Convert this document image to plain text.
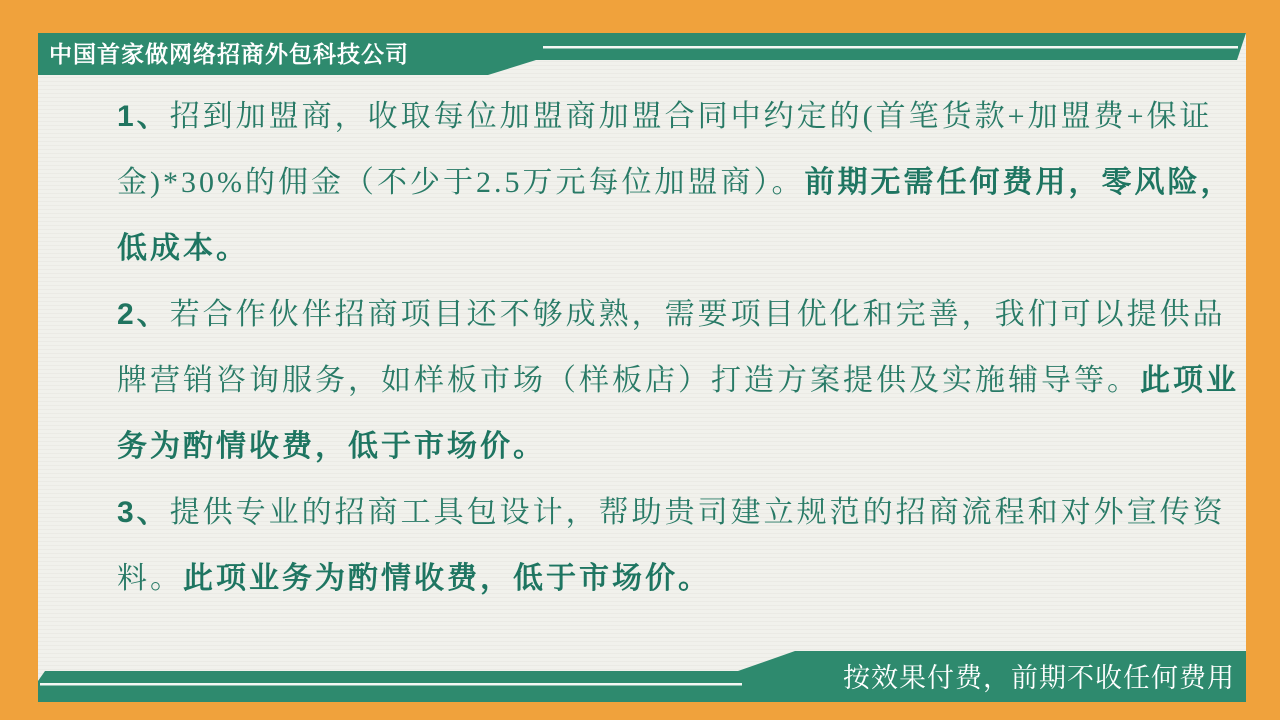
中国首家做网络招商外包科技公司
1、招到加盟商，收取每位加盟商加盟合同中约定的(首笔货款+加盟费+保证
金)*30%的佣金（不少于2.5万元每位加盟商）。前期无需任何费用，零风险，
低成本。
2、若合作伙伴招商项目还不够成熟，需要项目优化和完善，我们可以提供品
牌营销咨询服务，如样板市场（样板店）打造方案提供及实施辅导等。此项业
务为酌情收费，低于市场价。
3、提供专业的招商工具包设计，帮助贵司建立规范的招商流程和对外宣传资
料。此项业务为酌情收费，低于市场价。
按效果付费，前期不收任何费用
